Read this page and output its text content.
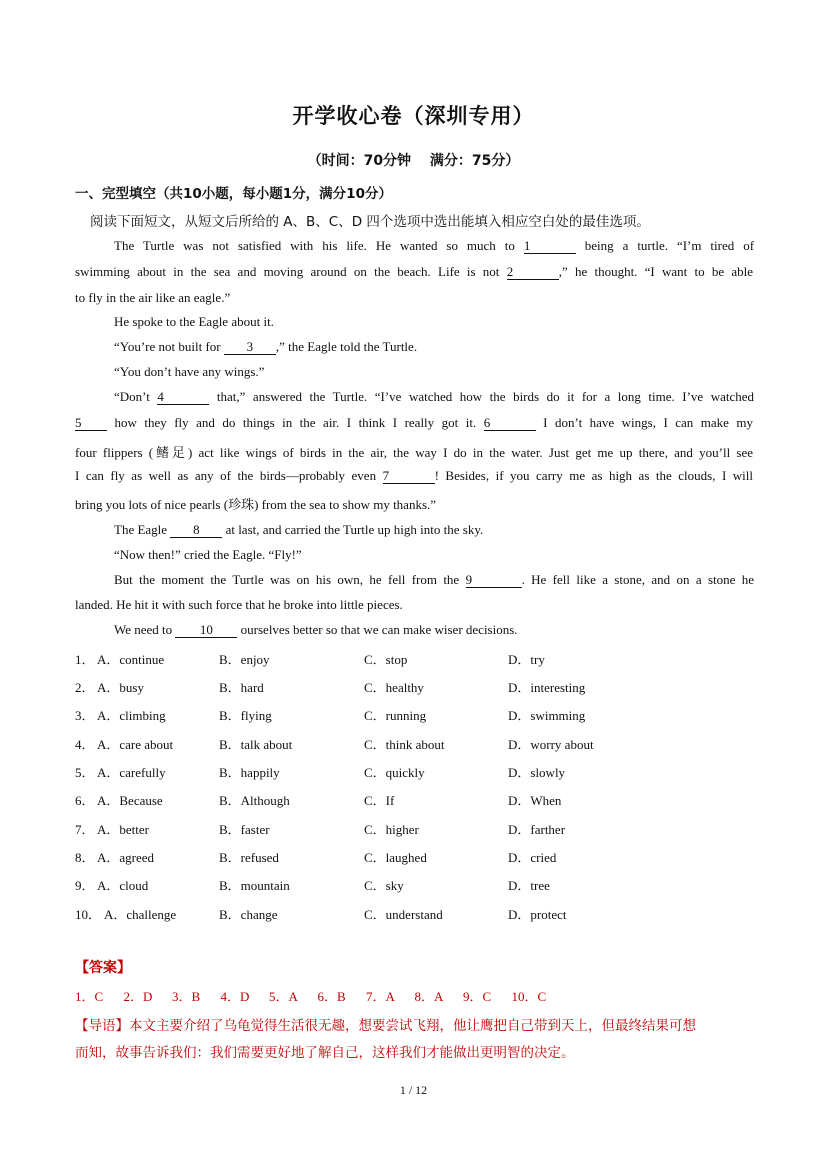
开学收心卷（深圳专用）
（时间：70分钟　 满分：75分）
一、完型填空（共10小题，每小题1分，满分10分）
阅读下面短文，从短文后所给的 A、B、C、D 四个选项中选出能填入相应空白处的最佳选项。
The Turtle was not satisfied with his life. He wanted so much to 1	being a turtle. “I’m tired of
swimming about in the sea and moving around on the beach. Life is not 2	,” he thought. “I want to be able
to fly in the air like an eagle.”
He spoke to the Eagle about it.
“You’re not built for 3 ,” the Eagle told the Turtle.
“You don’t have any wings.”
“Don’t 4	that,” answered the Turtle. “I’ve watched how the birds do it for a long time. I’ve watched
5	how they fly and do things in the air. I think I really got it. 6	I don’t have wings, I can make my
four flippers (鳍足) act like wings of birds in the air, the way I do in the water. Just get me up there, and you’ll see
I can fly as well as any of the birds—probably even 7	! Besides, if you carry me as high as the clouds, I will
bring you lots of nice pearls (珍珠) from the sea to show my thanks.”
The Eagle 8 at last, and carried the Turtle up high into the sky.
“Now then!” cried the Eagle. “Fly!”
But the moment the Turtle was on his own, he fell from the 9	. He fell like a stone, and on a stone he
landed. He hit it with such force that he broke into little pieces.
We need to 10 ourselves better so that we can make wiser decisions.
1． A．continue	B．enjoy	C．stop	D．try
2． A．busy	B．hard	C．healthy	D．interesting
3． A．climbing	B．flying	C．running	D．swimming
4． A．care about	B．talk about	C．think about	D．worry about
5． A．carefully	B．happily	C．quickly	D．slowly
6． A．Because	B．Although	C．If	D．When
7． A．better	B．faster	C．higher	D．farther
8． A．agreed	B．refused	C．laughed	D．cried
9． A．cloud	B．mountain	C．sky	D．tree
10． A．challenge	B．change	C．understand	D．protect
【答案】
1．C 2．D 3．B 4．D 5．A 6．B 7．A 8．A 9．C 10．C
【导语】本文主要介绍了乌龟觉得生活很无趣，想要尝试飞翔，他让鹰把自己带到天上，但最终结果可想
而知，故事告诉我们：我们需要更好地了解自己，这样我们才能做出更明智的决定。
1 / 12
